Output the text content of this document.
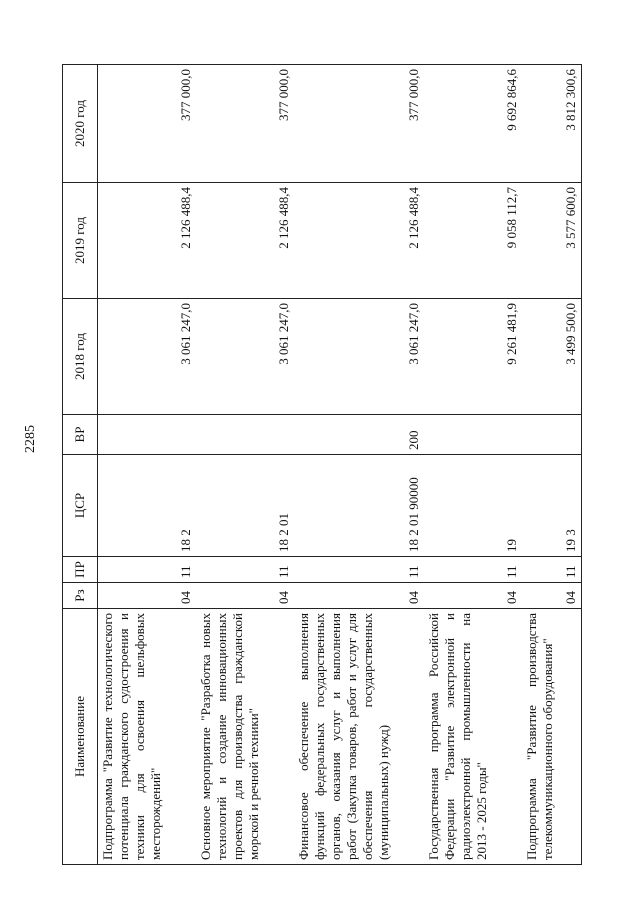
2285
Наименование	Рз	ПР	ЦСР	ВР	2018 год	2019 год	2020 год
Подпрограмма "Развитие технологического потенциала гражданского судостроения и техники для освоения шельфовых месторождений"	04	11	18 2		3 061 247,0	2 126 488,4	377 000,0
Основное мероприятие "Разработка новых технологий и создание инновационных проектов для производства гражданской морской и речной техники"	04	11	18 2 01		3 061 247,0	2 126 488,4	377 000,0
Финансовое обеспечение выполнения функций федеральных государственных органов, оказания услуг и выполнения работ (Закупка товаров, работ и услуг для обеспечения государственных (муниципальных) нужд)	04	11	18 2 01 90000	200	3 061 247,0	2 126 488,4	377 000,0
Государственная программа Российской Федерации "Развитие электронной и радиоэлектронной промышленности на 2013 - 2025 годы"	04	11	19		9 261 481,9	9 058 112,7	9 692 864,6
Подпрограмма "Развитие производства телекоммуникационного оборудования"	04	11	19 3		3 499 500,0	3 577 600,0	3 812 300,6
